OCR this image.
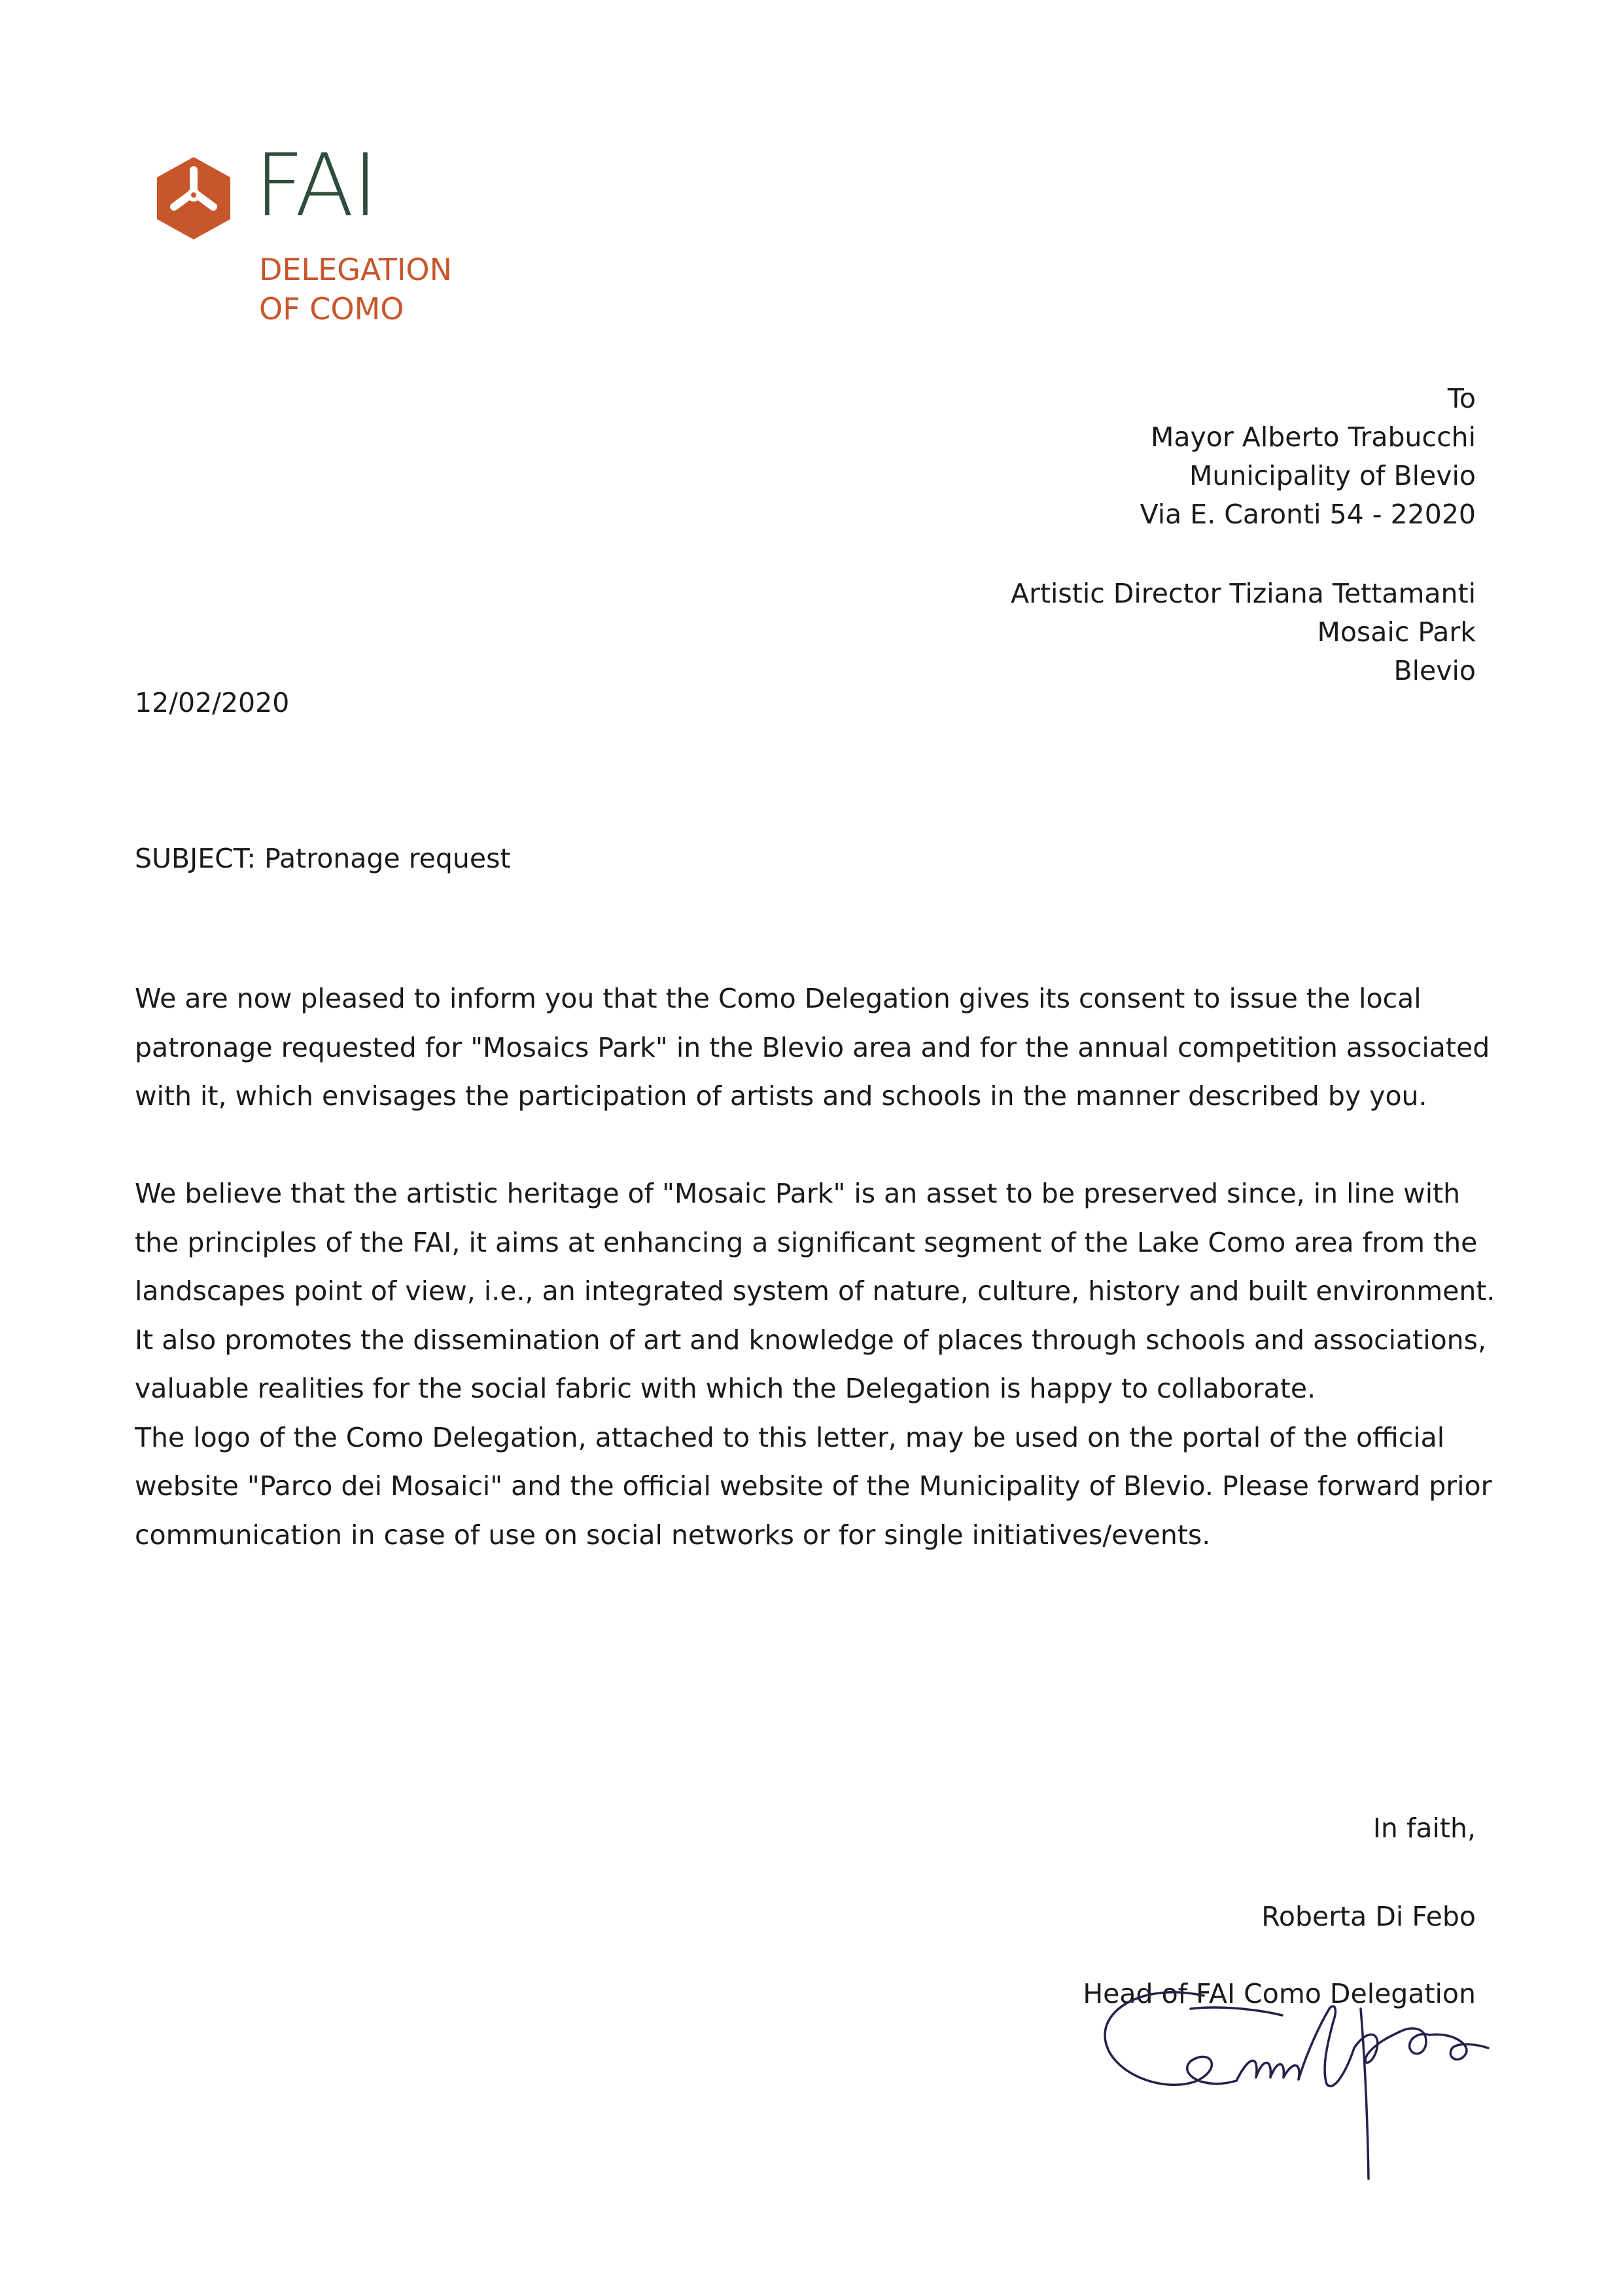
FAI
DELEGATION
OF COMO
To
Mayor Alberto Trabucchi
Municipality of Blevio
Via E. Caronti 54 - 22020
Artistic Director Tiziana Tettamanti
Mosaic Park
Blevio
12/02/2020
SUBJECT: Patronage request

We are now pleased to inform you that the Como Delegation gives its consent to issue the local patronage requested for "Mosaics Park" in the Blevio area and for the annual competition associated with it, which envisages the participation of artists and schools in the manner described by you.

We believe that the artistic heritage of "Mosaic Park" is an asset to be preserved since, in line with the principles of the FAI, it aims at enhancing a significant segment of the Lake Como area from the landscapes point of view, i.e., an integrated system of nature, culture, history and built environment. It also promotes the dissemination of art and knowledge of places through schools and associations, valuable realities for the social fabric with which the Delegation is happy to collaborate.

The logo of the Como Delegation, attached to this letter, may be used on the portal of the official website "Parco dei Mosaici" and the official website of the Municipality of Blevio. Please forward prior communication in case of use on social networks or for single initiatives/events.

In faith,
Roberta Di Febo
Head of FAI Como Delegation
